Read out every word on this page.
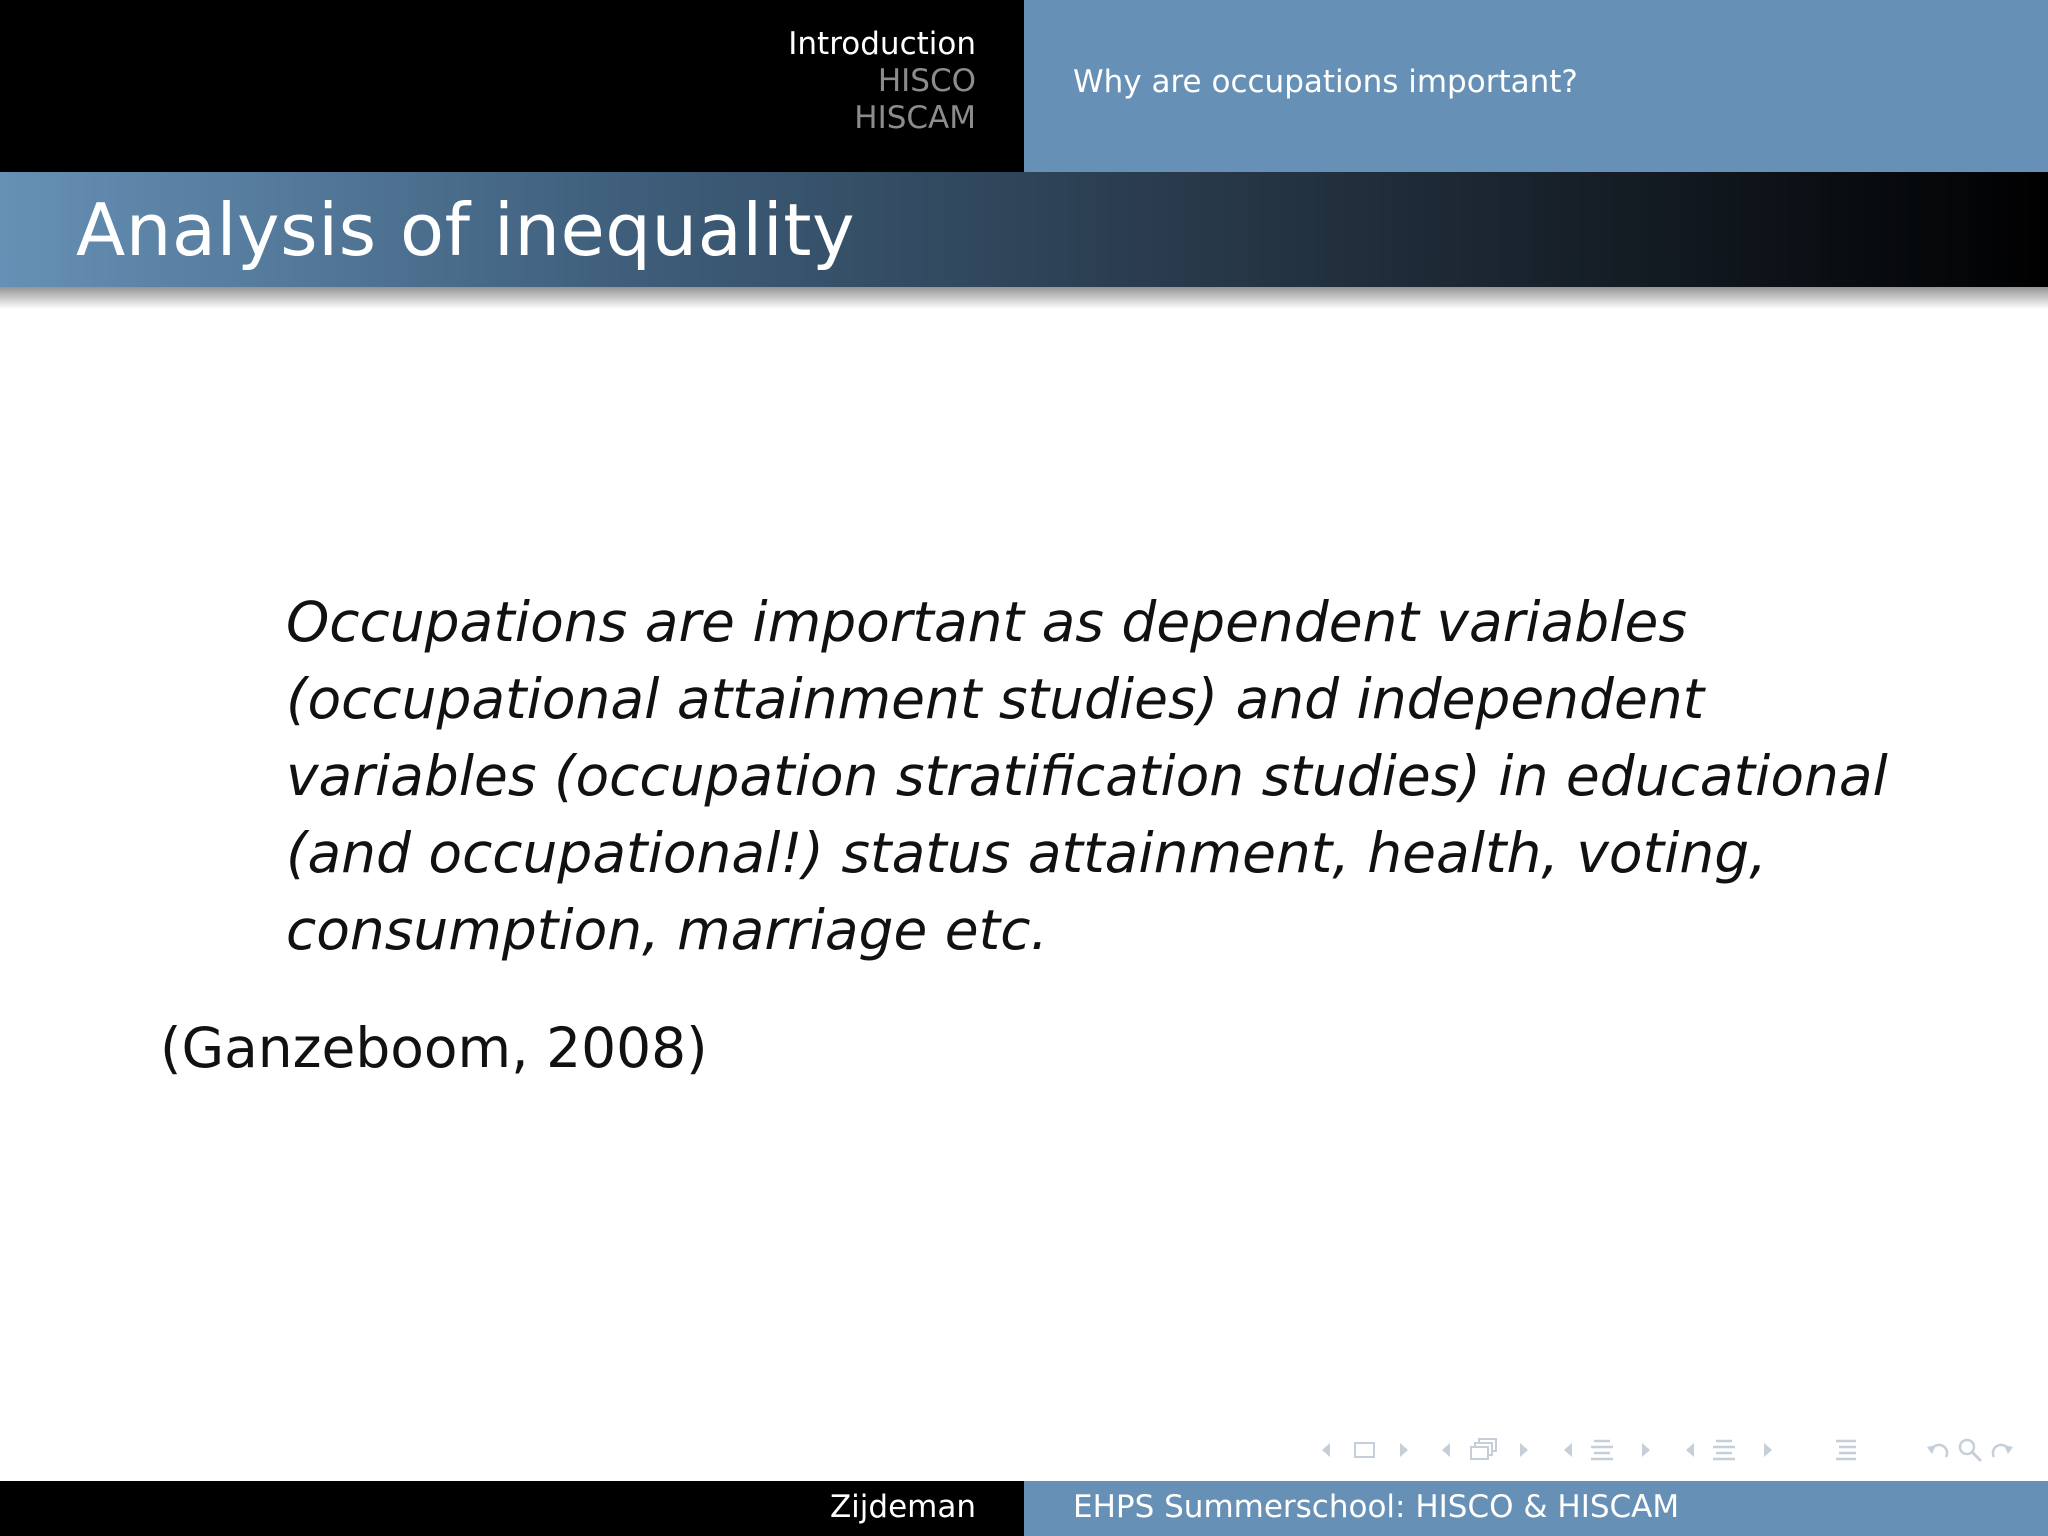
Introduction
HISCO
HISCAM
Why are occupations important?
Analysis of inequality
Occupations are important as dependent variables
(occupational attainment studies) and independent
variables (occupation stratification studies) in educational
(and occupational!) status attainment, health, voting,
consumption, marriage etc.
(Ganzeboom, 2008)
Zijdeman	EHPS Summerschool: HISCO & HISCAM
